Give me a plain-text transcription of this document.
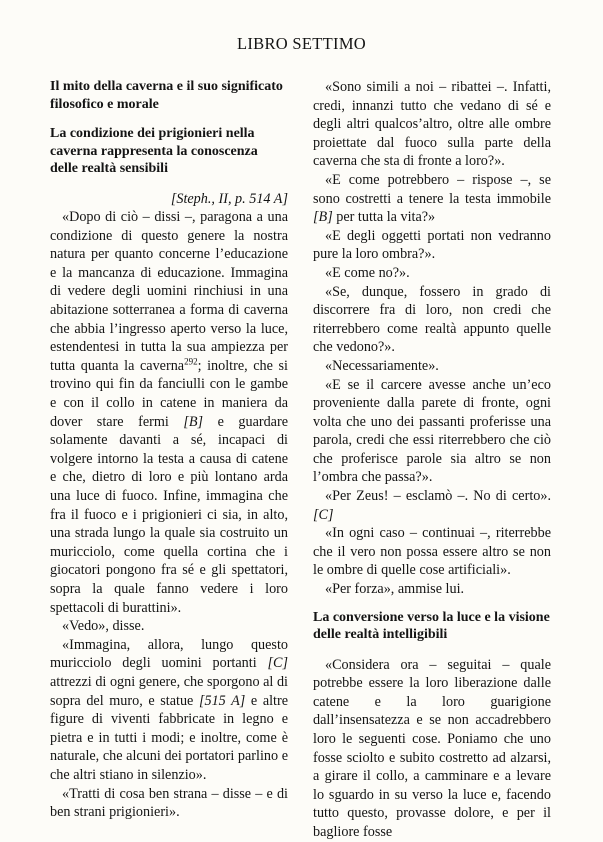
LIBRO SETTIMO
Il mito della caverna e il suo significato filosofico e morale
La condizione dei prigionieri nella caverna rappresenta la conoscenza delle realtà sensibili

[Steph., II, p. 514 A]

«Dopo di ciò – dissi –, paragona a una condizione di questo genere la nostra natura per quanto concerne l’educazione e la mancanza di educazione. Immagina di vedere degli uomini rinchiusi in una abitazione sotterranea a forma di caverna che abbia l’ingresso aperto verso la luce, estendentesi in tutta la sua ampiezza per tutta quanta la caverna$^{292}$; inoltre, che si trovino qui fin da fanciulli con le gambe e con il collo in catene in maniera da dover stare fermi [B] e guardare solamente davanti a sé, incapaci di volgere intorno la testa a causa di catene e che, dietro di loro e più lontano arda una luce di fuoco. Infine, immagina che fra il fuoco e i prigionieri ci sia, in alto, una strada lungo la quale sia costruito un muricciolo, come quella cortina che i giocatori pongono fra sé e gli spettatori, sopra la quale fanno vedere i loro spettacoli di burattini».

«Vedo», disse.

«Immagina, allora, lungo questo muricciolo degli uomini portanti [C] attrezzi di ogni genere, che sporgono al di sopra del muro, e statue [515 A] e altre figure di viventi fabbricate in legno e pietra e in tutti i modi; e inoltre, come è naturale, che alcuni dei portatori parlino e che altri stiano in silenzio».

«Tratti di cosa ben strana – disse – e di ben strani prigionieri».

«Sono simili a noi – ribattei –. Infatti, credi, innanzi tutto che vedano di sé e degli altri qualcos’altro, oltre alle ombre proiettate dal fuoco sulla parte della caverna che sta di fronte a loro?».

«E come potrebbero – rispose –, se sono costretti a tenere la testa immobile [B] per tutta la vita?»

«E degli oggetti portati non vedranno pure la loro ombra?».

«E come no?».

«Se, dunque, fossero in grado di discorrere fra di loro, non credi che riterrebbero come realtà appunto quelle che vedono?».

«Necessariamente».

«E se il carcere avesse anche un’eco proveniente dalla parete di fronte, ogni volta che uno dei passanti proferisse una parola, credi che essi riterrebbero che ciò che proferisce parole sia altro se non l’ombra che passa?».

«Per Zeus! – esclamò –. No di certo». [C]

«In ogni caso – continuai –, riterrebbe che il vero non possa essere altro se non le ombre di quelle cose artificiali».

«Per forza», ammise lui.

La conversione verso la luce e la visione delle realtà intelligibili

«Considera ora – seguitai – quale potrebbe essere la loro liberazione dalle catene e la loro guarigione dall’insensatezza e se non accadrebbero loro le seguenti cose. Poniamo che uno fosse sciolto e subito costretto ad alzarsi, a girare il collo, a camminare e a levare lo sguardo in su verso la luce e, facendo tutto questo, provasse dolore, e per il bagliore fosse
